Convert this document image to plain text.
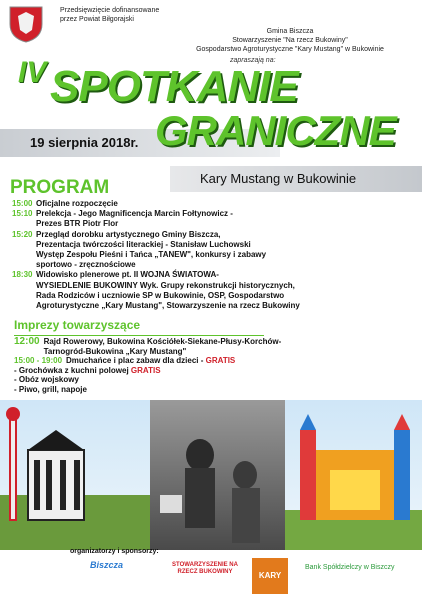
Przedsięwzięcie dofinansowane
przez Powiat Biłgorajski
Gmina Biszcza
Stowarzyszenie "Na rzecz Bukowiny"
Gospodarstwo Agroturystyczne "Kary Mustang" w Bukowinie
zapraszają na:
IV SPOTKANIE
19 sierpnia 2018r. GRANICZNE
Kary Mustang w Bukowinie
PROGRAM
15:00 Oficjalne rozpoczęcie
15:10 Prelekcja - Jego Magnificencja Marcin Fołtynowicz -
Prezes BTR Piotr Flor
15:20 Przegląd dorobku artystycznego Gminy Biszcza,
Prezentacja twórczości literackiej - Stanisław Luchowski
Występ Zespołu Pieśni i Tańca „TANEW", konkursy i zabawy
sportowo - zręcznościowe
18:30 Widowisko plenerowe pt. II WOJNA ŚWIATOWA-
WYSIEDLENIE BUKOWINY Wyk. Grupy rekonstrukcji historycznych,
Rada Rodziców i uczniowie SP w Bukowinie, OSP, Gospodarstwo
Agroturystyczne „Kary Mustang", Stowarzyszenie na rzecz Bukowiny
Imprezy towarzyszące
12:00 Rajd Rowerowy, Bukowina Kościółek-Siekane-Płusy-Korchów-
Tarnogród-Bukowina „Kary Mustang"
15:00 - 19:00 Dmuchańce i plac zabaw dla dzieci - GRATIS
- Grochówka z kuchni polowej GRATIS
- Obóz wojskowy
- Piwo, grill, napoje
organizatorzy i sponsorzy:
Biszcza	STOWARZYSZENIE NA RZECZ BUKOWINY	KARY
Bank Spółdzielczy w Biszczy
